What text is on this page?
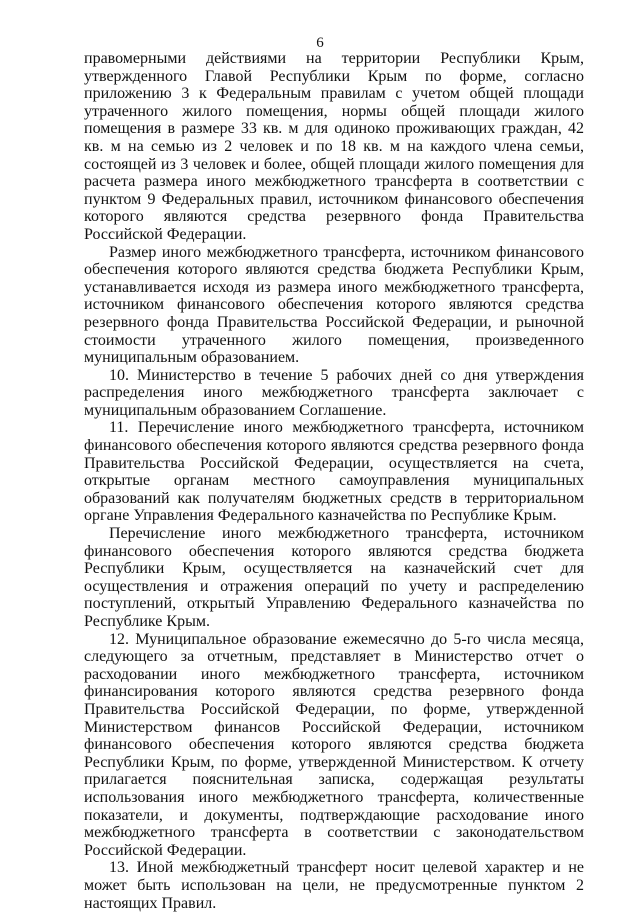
6

правомерными действиями на территории Республики Крым, утвержденного Главой Республики Крым по форме, согласно приложению 3 к Федеральным правилам с учетом общей площади утраченного жилого помещения, нормы общей площади жилого помещения в размере 33 кв. м для одиноко проживающих граждан, 42 кв. м на семью из 2 человек и по 18 кв. м на каждого члена семьи, состоящей из 3 человек и более, общей площади жилого помещения для расчета размера иного межбюджетного трансферта в соответствии с пунктом 9 Федеральных правил, источником финансового обеспечения которого являются средства резервного фонда Правительства Российской Федерации.

Размер иного межбюджетного трансферта, источником финансового обеспечения которого являются средства бюджета Республики Крым, устанавливается исходя из размера иного межбюджетного трансферта, источником финансового обеспечения которого являются средства резервного фонда Правительства Российской Федерации, и рыночной стоимости утраченного жилого помещения, произведенного муниципальным образованием.

10. Министерство в течение 5 рабочих дней со дня утверждения распределения иного межбюджетного трансферта заключает с муниципальным образованием Соглашение.

11. Перечисление иного межбюджетного трансферта, источником финансового обеспечения которого являются средства резервного фонда Правительства Российской Федерации, осуществляется на счета, открытые органам местного самоуправления муниципальных образований как получателям бюджетных средств в территориальном органе Управления Федерального казначейства по Республике Крым.

Перечисление иного межбюджетного трансферта, источником финансового обеспечения которого являются средства бюджета Республики Крым, осуществляется на казначейский счет для осуществления и отражения операций по учету и распределению поступлений, открытый Управлению Федерального казначейства по Республике Крым.

12. Муниципальное образование ежемесячно до 5-го числа месяца, следующего за отчетным, представляет в Министерство отчет о расходовании иного межбюджетного трансферта, источником финансирования которого являются средства резервного фонда Правительства Российской Федерации, по форме, утвержденной Министерством финансов Российской Федерации, источником финансового обеспечения которого являются средства бюджета Республики Крым, по форме, утвержденной Министерством. К отчету прилагается пояснительная записка, содержащая результаты использования иного межбюджетного трансферта, количественные показатели, и документы, подтверждающие расходование иного межбюджетного трансферта в соответствии с законодательством Российской Федерации.

13. Иной межбюджетный трансферт носит целевой характер и не может быть использован на цели, не предусмотренные пунктом 2 настоящих Правил.
